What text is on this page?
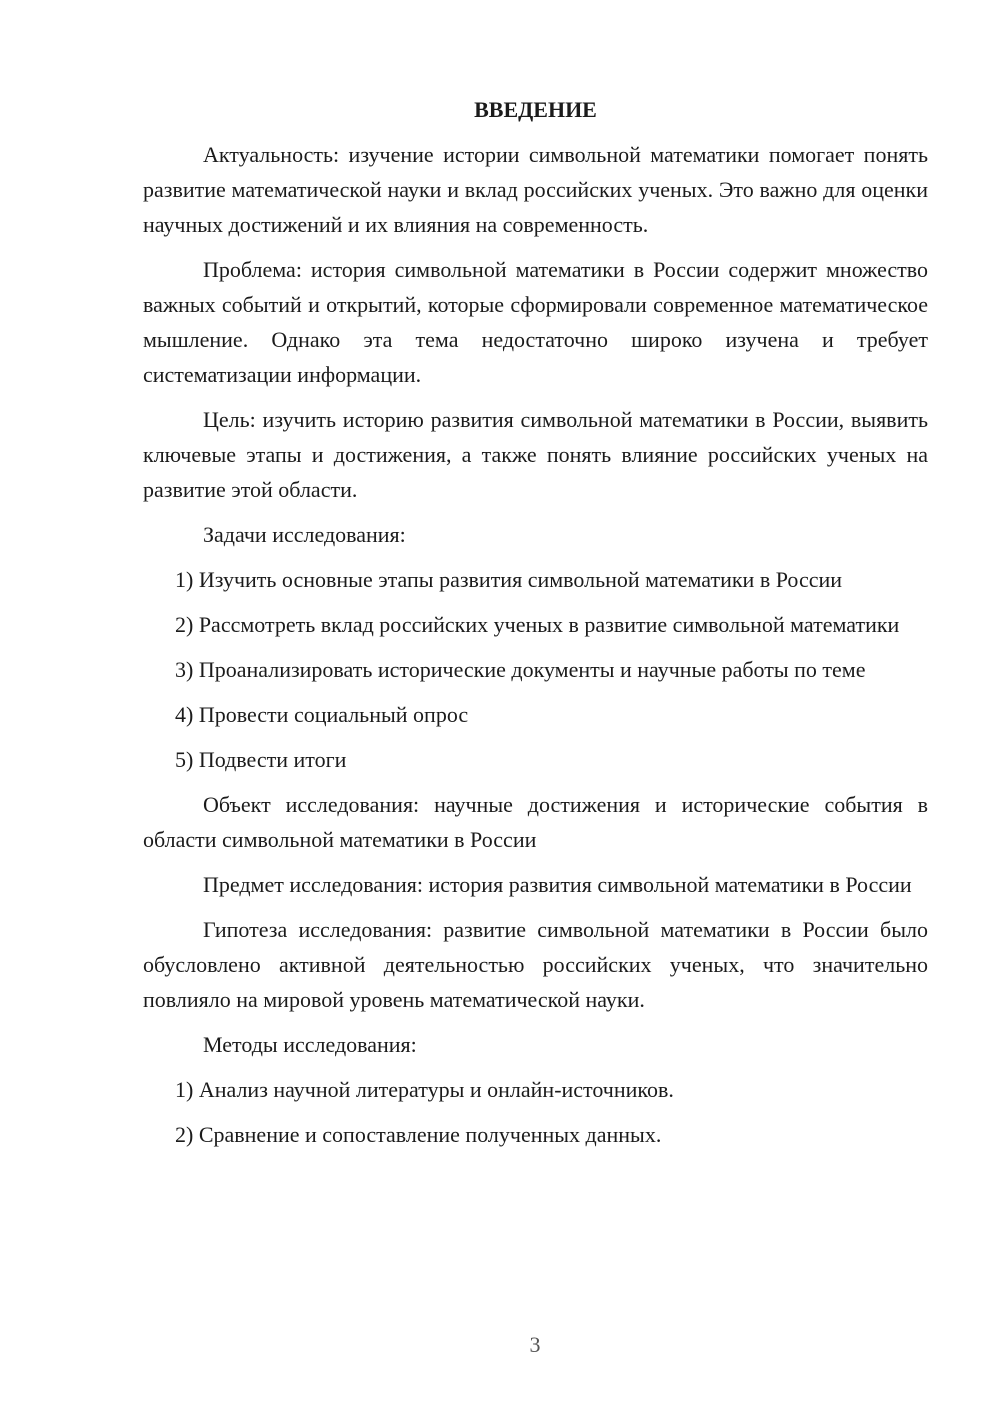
ВВЕДЕНИЕ

Актуальность: изучение истории символьной математики помогает понять развитие математической науки и вклад российских ученых. Это важно для оценки научных достижений и их влияния на современность.

Проблема: история символьной математики в России содержит множество важных событий и открытий, которые сформировали современное математическое мышление. Однако эта тема недостаточно широко изучена и требует систематизации информации.

Цель: изучить историю развития символьной математики в России, выявить ключевые этапы и достижения, а также понять влияние российских ученых на развитие этой области.

Задачи исследования:

1) Изучить основные этапы развития символьной математики в России

2) Рассмотреть вклад российских ученых в развитие символьной математики

3) Проанализировать исторические документы и научные работы по теме

4) Провести социальный опрос

5) Подвести итоги

Объект исследования: научные достижения и исторические события в области символьной математики в России

Предмет исследования: история развития символьной математики в России

Гипотеза исследования: развитие символьной математики в России было обусловлено активной деятельностью российских ученых, что значительно повлияло на мировой уровень математической науки.

Методы исследования:

1) Анализ научной литературы и онлайн-источников.

2) Сравнение и сопоставление полученных данных.

3
